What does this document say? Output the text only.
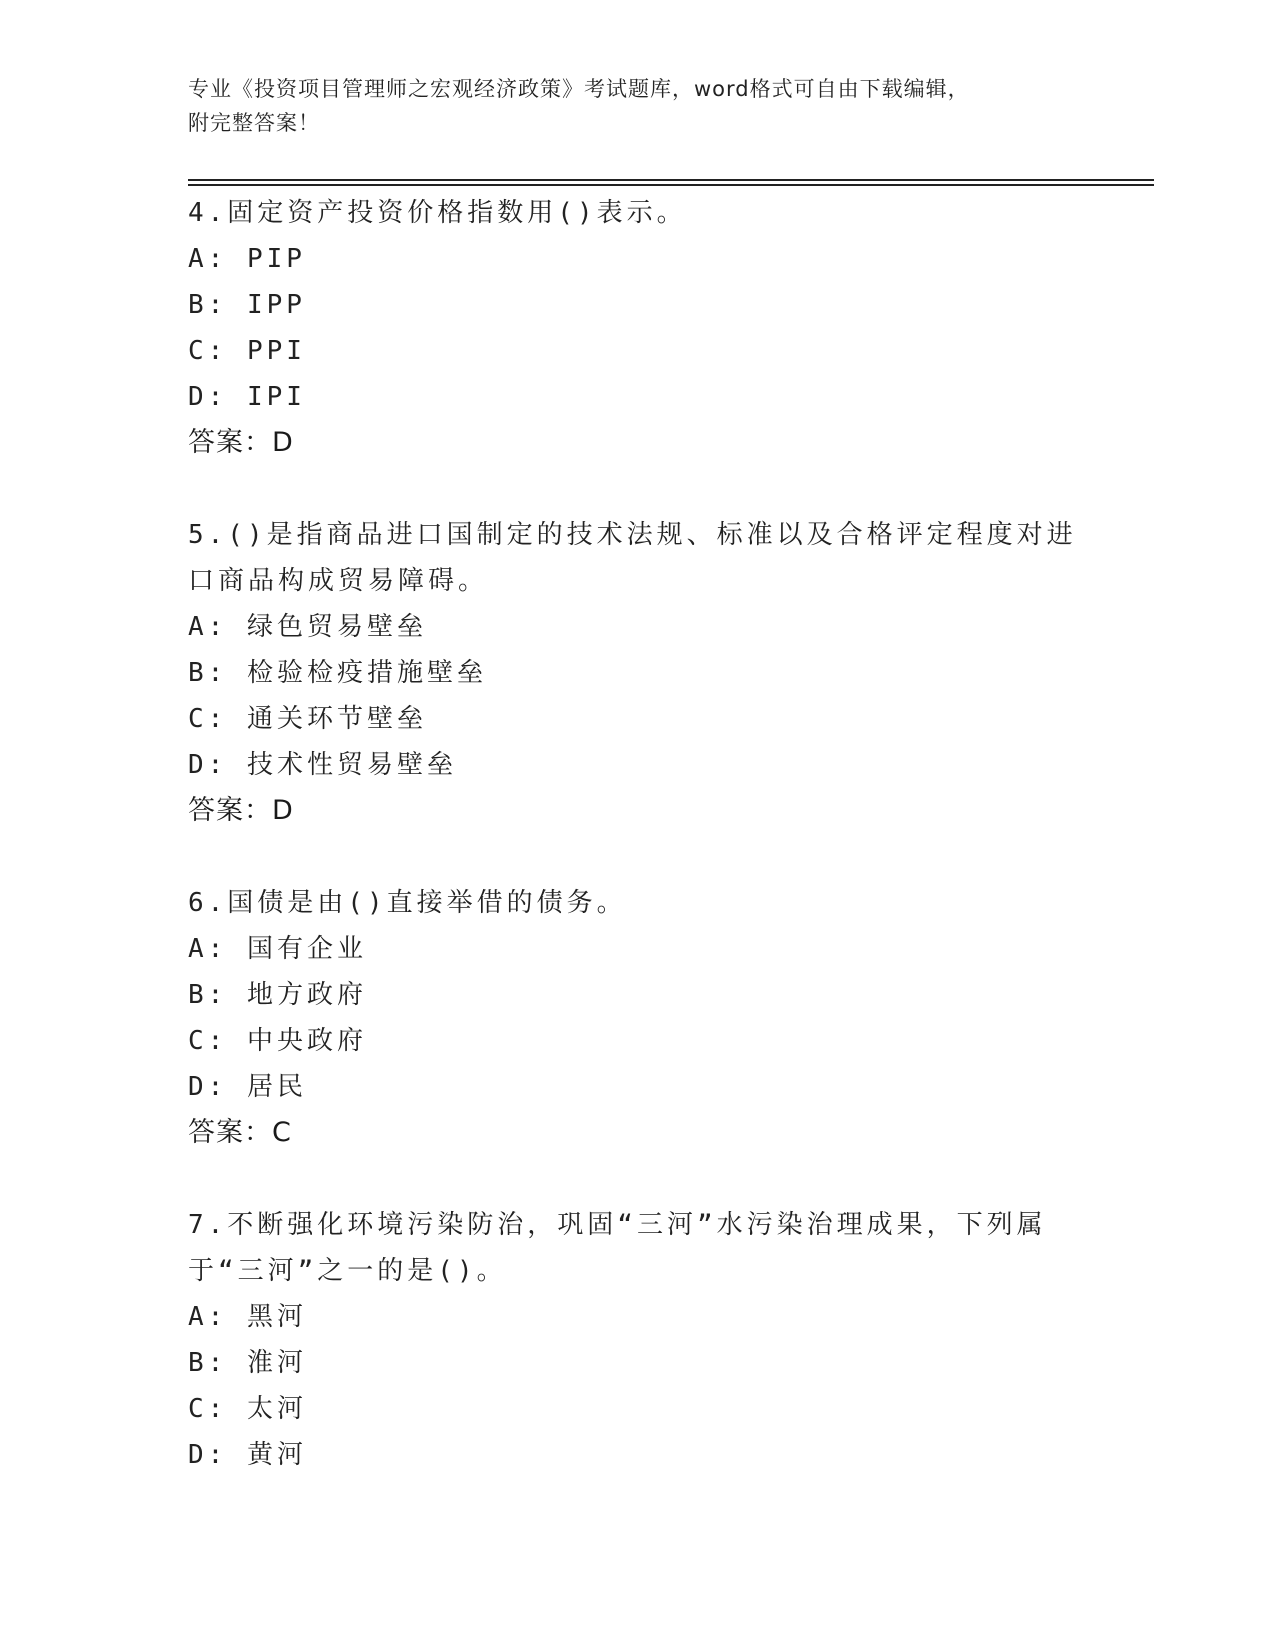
专业《投资项目管理师之宏观经济政策》考试题库，word格式可自由下载编辑，
附完整答案！

4.固定资产投资价格指数用()表示。

A: PIP

B: IPP

C: PPI

D: IPI

答案：D

5.()是指商品进口国制定的技术法规、标准以及合格评定程度对进口商品构成贸易障碍。

A: 绿色贸易壁垒

B: 检验检疫措施壁垒

C: 通关环节壁垒

D: 技术性贸易壁垒

答案：D

6.国债是由()直接举借的债务。

A: 国有企业

B: 地方政府

C: 中央政府

D: 居民

答案：C

7.不断强化环境污染防治，巩固“三河”水污染治理成果，下列属于“三河”之一的是()。

A: 黑河

B: 淮河

C: 太河

D: 黄河
